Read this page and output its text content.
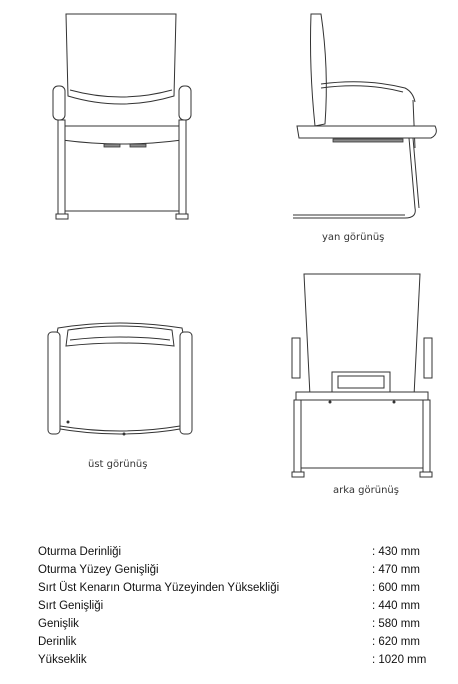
yan görünüş
üst görünüş
arka görünüş
Oturma Derinliği	: 430 mm
Oturma Yüzey Genişliği	: 470 mm
Sırt Üst Kenarın Oturma Yüzeyinden Yüksekliği	: 600 mm
Sırt Genişliği	: 440 mm
Genişlik	: 580 mm
Derinlik	: 620 mm
Yükseklik	: 1020 mm
